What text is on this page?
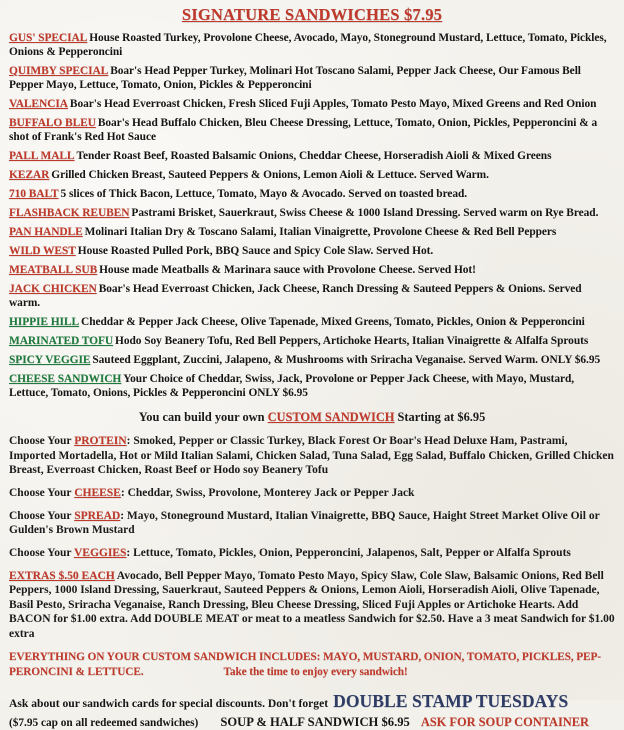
SIGNATURE SANDWICHES $7.95
GUS' SPECIAL House Roasted Turkey, Provolone Cheese, Avocado, Mayo, Stoneground Mustard, Lettuce, Tomato, Pickles, Onions & Pepperoncini
QUIMBY SPECIAL Boar's Head Pepper Turkey, Molinari Hot Toscano Salami, Pepper Jack Cheese, Our Famous Bell Pepper Mayo, Lettuce, Tomato, Onion, Pickles & Pepperoncini
VALENCIA Boar's Head Everroast Chicken, Fresh Sliced Fuji Apples, Tomato Pesto Mayo, Mixed Greens and Red Onion
BUFFALO BLEU Boar's Head Buffalo Chicken, Bleu Cheese Dressing, Lettuce, Tomato, Onion, Pickles, Pepperoncini & a shot of Frank's Red Hot Sauce
PALL MALL Tender Roast Beef, Roasted Balsamic Onions, Cheddar Cheese, Horseradish Aioli & Mixed Greens
KEZAR Grilled Chicken Breast, Sauteed Peppers & Onions, Lemon Aioli & Lettuce. Served Warm.
710 BALT 5 slices of Thick Bacon, Lettuce, Tomato, Mayo & Avocado. Served on toasted bread.
FLASHBACK REUBEN Pastrami Brisket, Sauerkraut, Swiss Cheese & 1000 Island Dressing. Served warm on Rye Bread.
PAN HANDLE Molinari Italian Dry & Toscano Salami, Italian Vinaigrette, Provolone Cheese & Red Bell Peppers
WILD WEST House Roasted Pulled Pork, BBQ Sauce and Spicy Cole Slaw. Served Hot.
MEATBALL SUB House made Meatballs & Marinara sauce with Provolone Cheese. Served Hot!
JACK CHICKEN Boar's Head Everroast Chicken, Jack Cheese, Ranch Dressing & Sauteed Peppers & Onions. Served warm.
HIPPIE HILL Cheddar & Pepper Jack Cheese, Olive Tapenade, Mixed Greens, Tomato, Pickles, Onion & Pepperoncini
MARINATED TOFU Hodo Soy Beanery Tofu, Red Bell Peppers, Artichoke Hearts, Italian Vinaigrette & Alfalfa Sprouts
SPICY VEGGIE Sauteed Eggplant, Zuccini, Jalapeno, & Mushrooms with Sriracha Veganaise. Served Warm. ONLY $6.95
CHEESE SANDWICH Your Choice of Cheddar, Swiss, Jack, Provolone or Pepper Jack Cheese, with Mayo, Mustard, Lettuce, Tomato, Onions, Pickles & Pepperoncini ONLY $6.95
You can build your own CUSTOM SANDWICH Starting at $6.95
Choose Your PROTEIN: Smoked, Pepper or Classic Turkey, Black Forest Or Boar's Head Deluxe Ham, Pastrami, Imported Mortadella, Hot or Mild Italian Salami, Chicken Salad, Tuna Salad, Egg Salad, Buffalo Chicken, Grilled Chicken Breast, Everroast Chicken, Roast Beef or Hodo soy Beanery Tofu
Choose Your CHEESE: Cheddar, Swiss, Provolone, Monterey Jack or Pepper Jack
Choose Your SPREAD: Mayo, Stoneground Mustard, Italian Vinaigrette, BBQ Sauce, Haight Street Market Olive Oil or Gulden's Brown Mustard
Choose Your VEGGIES: Lettuce, Tomato, Pickles, Onion, Pepperoncini, Jalapenos, Salt, Pepper or Alfalfa Sprouts
EXTRAS $.50 EACH Avocado, Bell Pepper Mayo, Tomato Pesto Mayo, Spicy Slaw, Cole Slaw, Balsamic Onions, Red Bell Peppers, 1000 Island Dressing, Sauerkraut, Sauteed Peppers & Onions, Lemon Aioli, Horseradish Aioli, Olive Tapenade, Basil Pesto, Sriracha Veganaise, Ranch Dressing, Bleu Cheese Dressing, Sliced Fuji Apples or Artichoke Hearts. Add BACON for $1.00 extra. Add DOUBLE MEAT or meat to a meatless Sandwich for $2.50. Have a 3 meat Sandwich for $1.00 extra
EVERYTHING ON YOUR CUSTOM SANDWICH INCLUDES: MAYO, MUSTARD, ONION, TOMATO, PICKLES, PEP-
PERONCINI & LETTUCE.	Take the time to enjoy every sandwich!
Ask about our sandwich cards for special discounts. Don't forget DOUBLE STAMP TUESDAYS
($7.95 cap on all redeemed sandwiches) SOUP & HALF SANDWICH $6.95 ASK FOR SOUP CONTAINER
